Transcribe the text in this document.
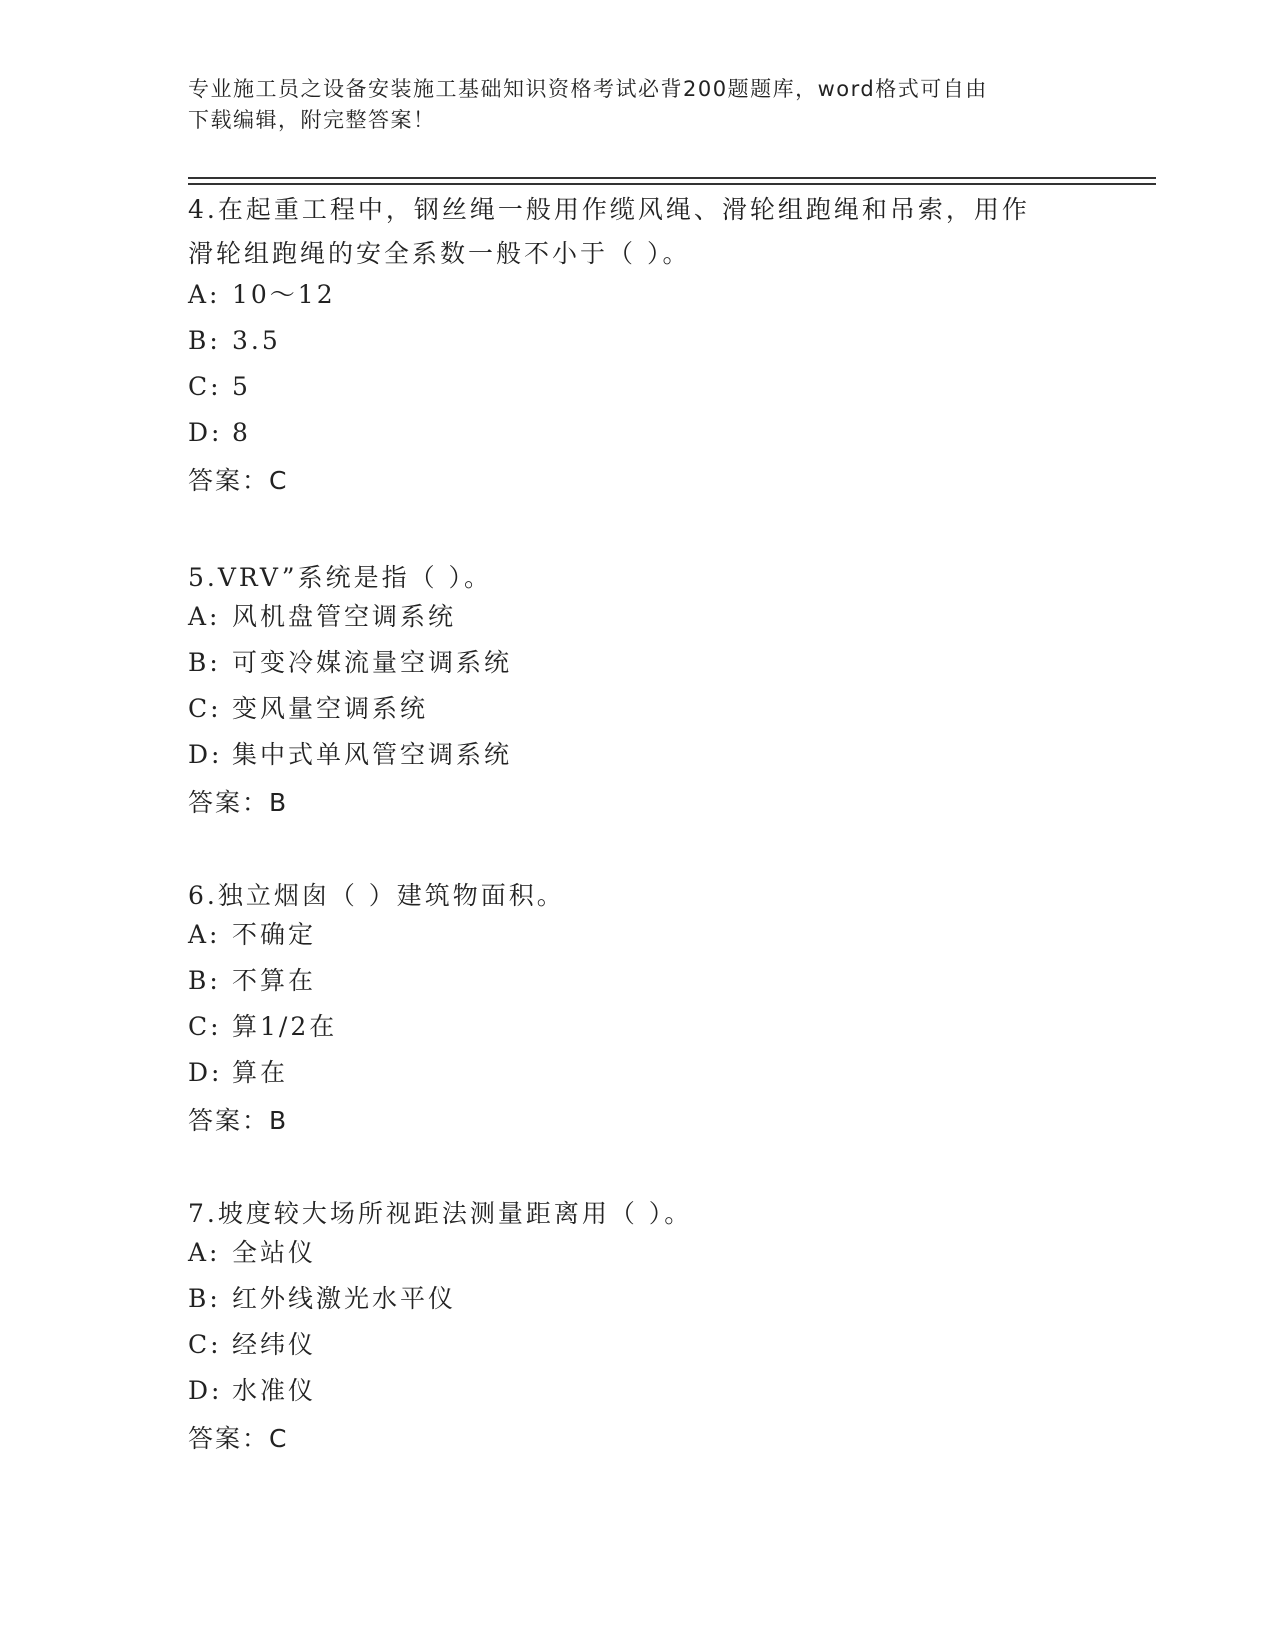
专业施工员之设备安装施工基础知识资格考试必背200题题库，word格式可自由
下载编辑，附完整答案！

4.在起重工程中，钢丝绳一般用作缆风绳、滑轮组跑绳和吊索，用作
滑轮组跑绳的安全系数一般不小于（ ）。

A: 10～12
B: 3.5
C: 5
D: 8
答案：C

5.VRV”系统是指（ ）。

A: 风机盘管空调系统
B: 可变冷媒流量空调系统
C: 变风量空调系统
D: 集中式单风管空调系统
答案：B

6.独立烟囱（ ）建筑物面积。

A: 不确定
B: 不算在
C: 算1/2在
D: 算在
答案：B

7.坡度较大场所视距法测量距离用（ ）。

A: 全站仪
B: 红外线激光水平仪
C: 经纬仪
D: 水准仪
答案：C
